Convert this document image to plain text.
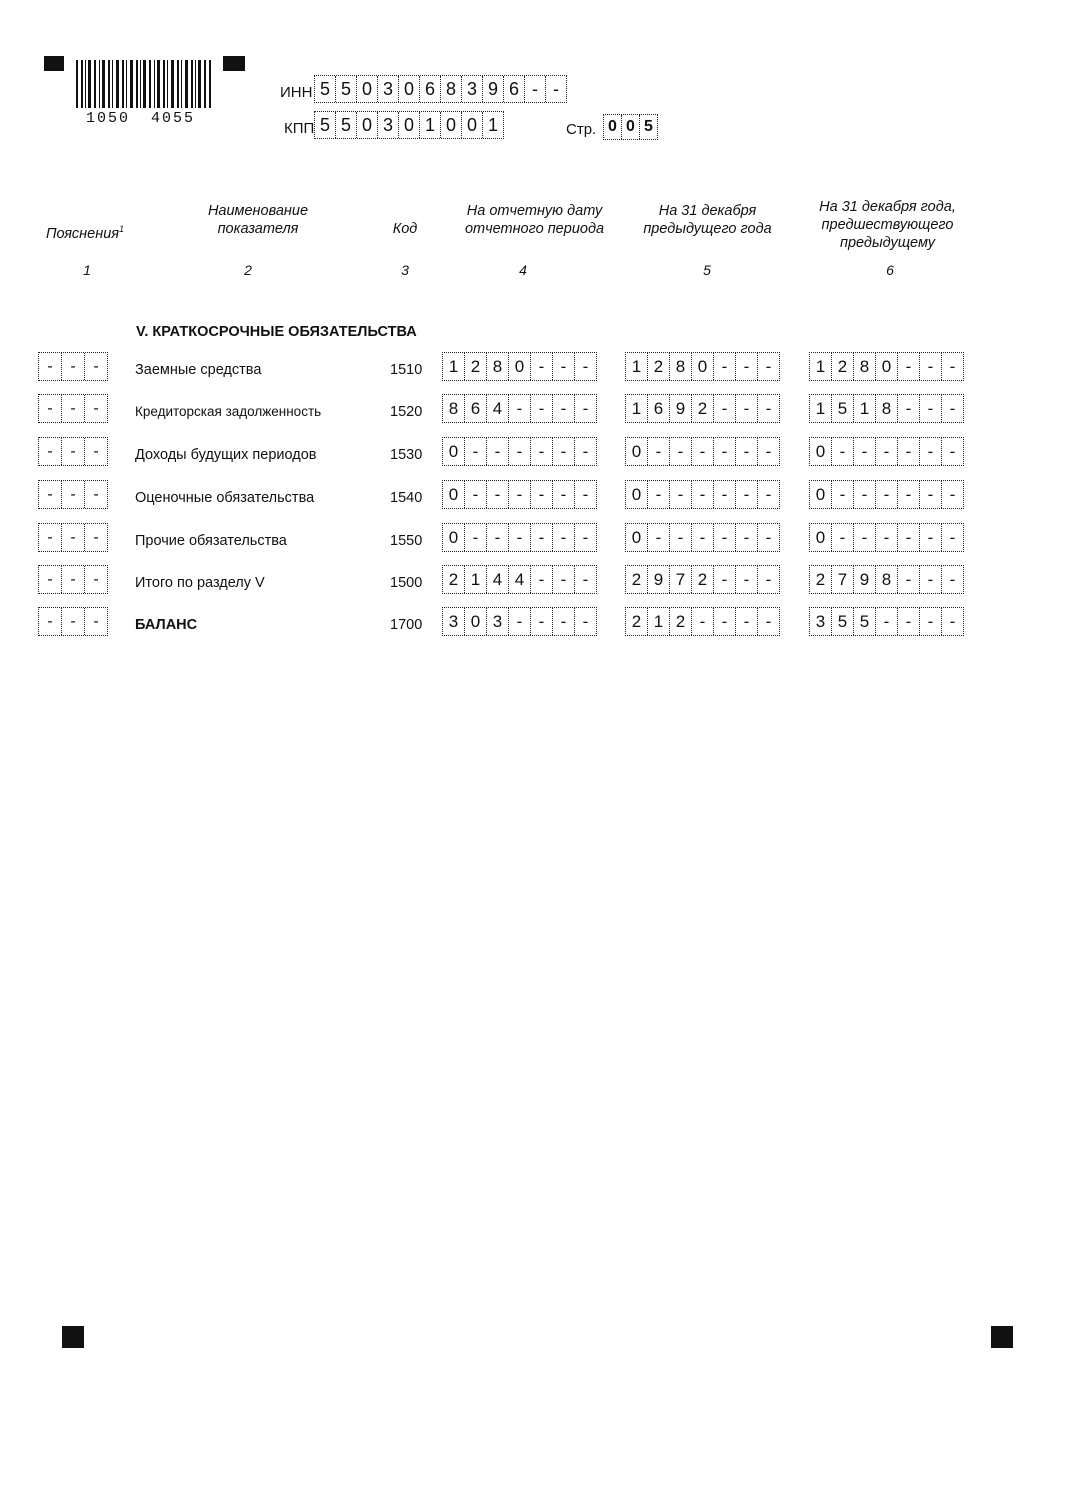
1050 4055
ИНН 5 5 0 3 0 6 8 3 9 6 - -
КПП 5 5 0 3 0 1 0 0 1	Стр. 0 0 5
Пояснения$^1$
Наименование показателя	Код
На отчетную дату отчетного периода
На 31 декабря предыдущего года
На 31 декабря года, предшествующего предыдущему
1	2	3	4	5	6
V. КРАТКОСРОЧНЫЕ ОБЯЗАТЕЛЬСТВА
-	-	-	Заемные средства	1510	1 2 8 0 - - -	1 2 8 0 - - -	1 2 8 0 - - -
-	-	-	Кредиторская задолженность	1520	8 6 4 - - - -	1 6 9 2 - - -	1 5 1 8 - - -
-	-	-	Доходы будущих периодов	1530	0 - - - - - -	0 - - - - - -	0 - - - - - -
-	-	-	Оценочные обязательства	1540	0 - - - - - -	0 - - - - - -	0 - - - - - -
-	-	-	Прочие обязательства	1550	0 - - - - - -	0 - - - - - -	0 - - - - - -
-	-	-	Итого по разделу V	1500	2 1 4 4 - - -	2 9 7 2 - - -	2 7 9 8 - - -
-	-	-	БАЛАНС	1700	3 0 3 - - - -	2 1 2 - - - -	3 5 5 - - - -
